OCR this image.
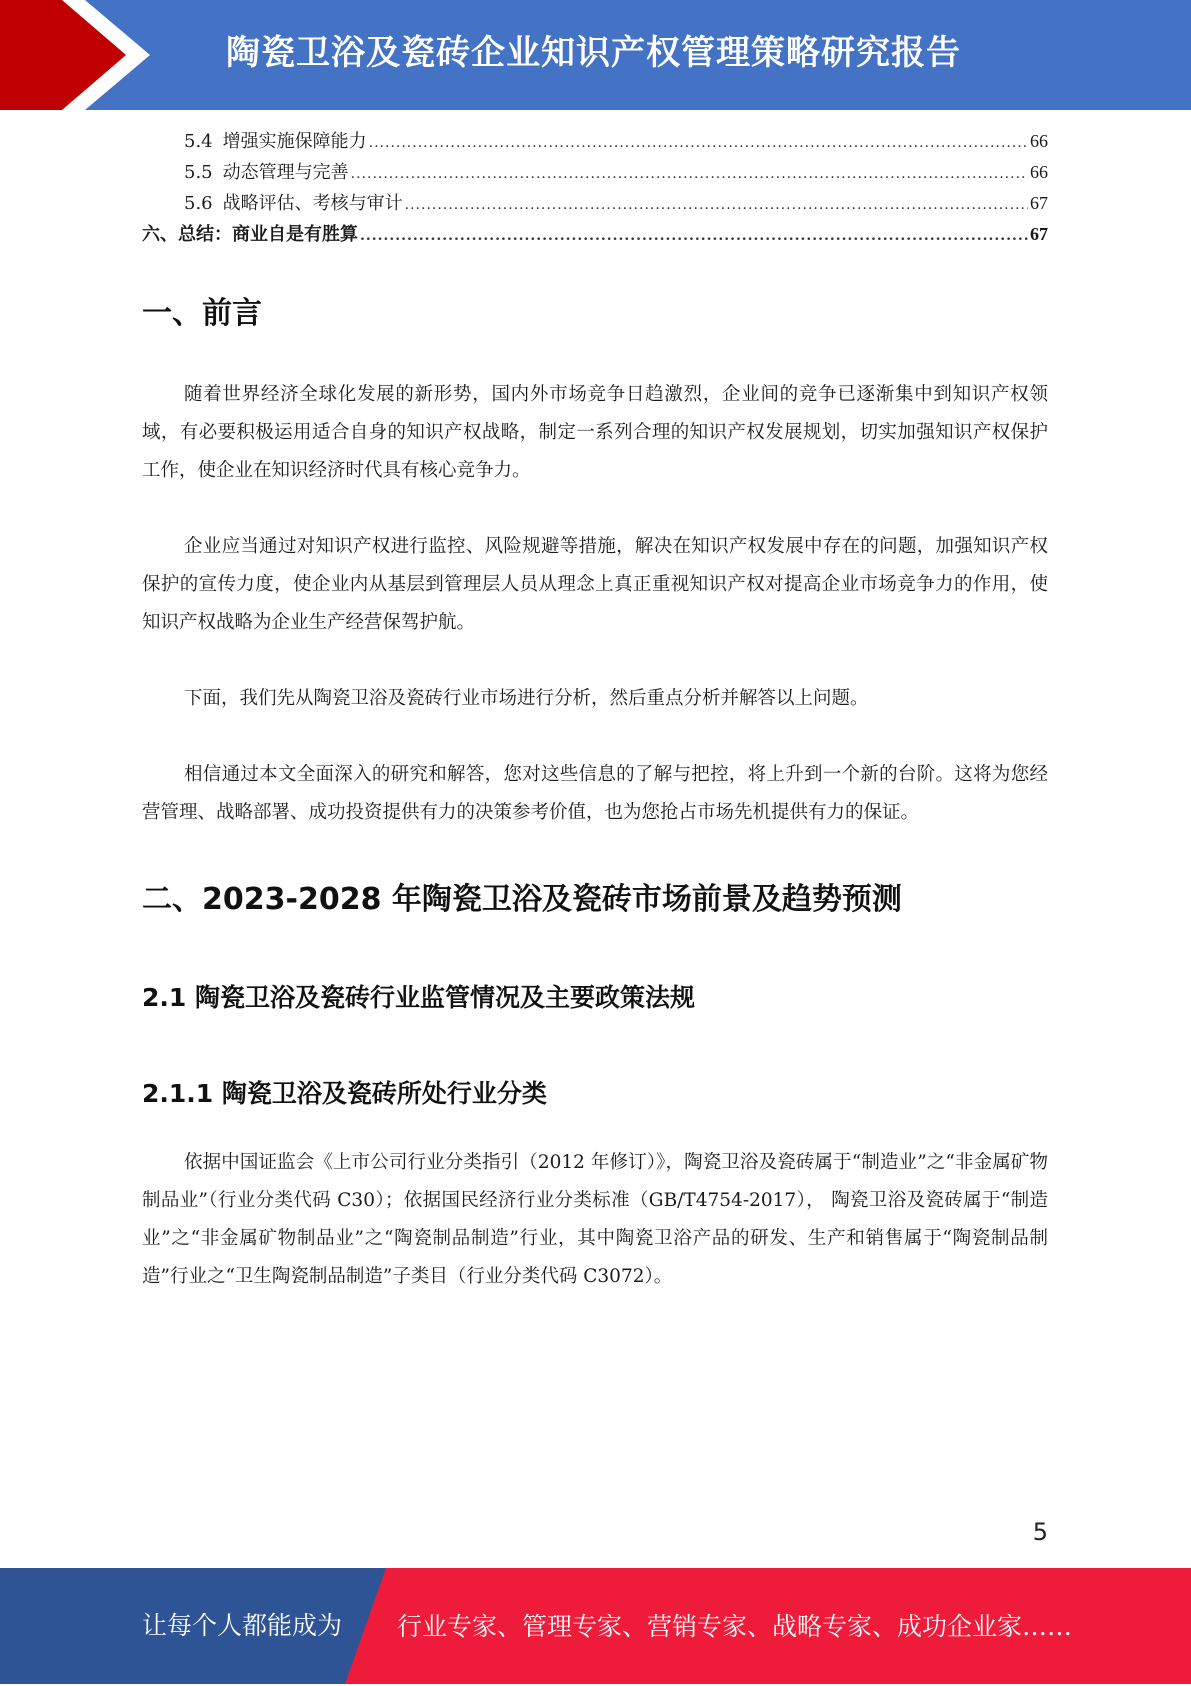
陶瓷卫浴及瓷砖企业知识产权管理策略研究报告
5.4 增强实施保障能力 .....	66
5.5 动态管理与完善 .....	66
5.6 战略评估、考核与审计 .....	67
六、总结：商业自是有胜算 .....	67
一、前言

随着世界经济全球化发展的新形势，国内外市场竞争日趋激烈，企业间的竞争已逐渐集中到知识产权领域，有必要积极运用适合自身的知识产权战略，制定一系列合理的知识产权发展规划，切实加强知识产权保护工作，使企业在知识经济时代具有核心竞争力。

企业应当通过对知识产权进行监控、风险规避等措施，解决在知识产权发展中存在的问题，加强知识产权保护的宣传力度，使企业内从基层到管理层人员从理念上真正重视知识产权对提高企业市场竞争力的作用，使知识产权战略为企业生产经营保驾护航。

下面，我们先从陶瓷卫浴及瓷砖行业市场进行分析，然后重点分析并解答以上问题。

相信通过本文全面深入的研究和解答，您对这些信息的了解与把控，将上升到一个新的台阶。这将为您经营管理、战略部署、成功投资提供有力的决策参考价值，也为您抢占市场先机提供有力的保证。

二、2023-2028 年陶瓷卫浴及瓷砖市场前景及趋势预测
2.1 陶瓷卫浴及瓷砖行业监管情况及主要政策法规
2.1.1 陶瓷卫浴及瓷砖所处行业分类

依据中国证监会《上市公司行业分类指引（2012 年修订）》，陶瓷卫浴及瓷砖属于“制造业”之“非金属矿物制品业”（行业分类代码 C30）；依据国民经济行业分类标准（GB/T4754-2017）， 陶瓷卫浴及瓷砖属于“制造业”之“非金属矿物制品业”之“陶瓷制品制造”行业，其中陶瓷卫浴产品的研发、生产和销售属于“陶瓷制品制造”行业之“卫生陶瓷制品制造”子类目（行业分类代码 C3072）。

5
让每个人都能成为 行业专家、管理专家、营销专家、战略专家、成功企业家……
